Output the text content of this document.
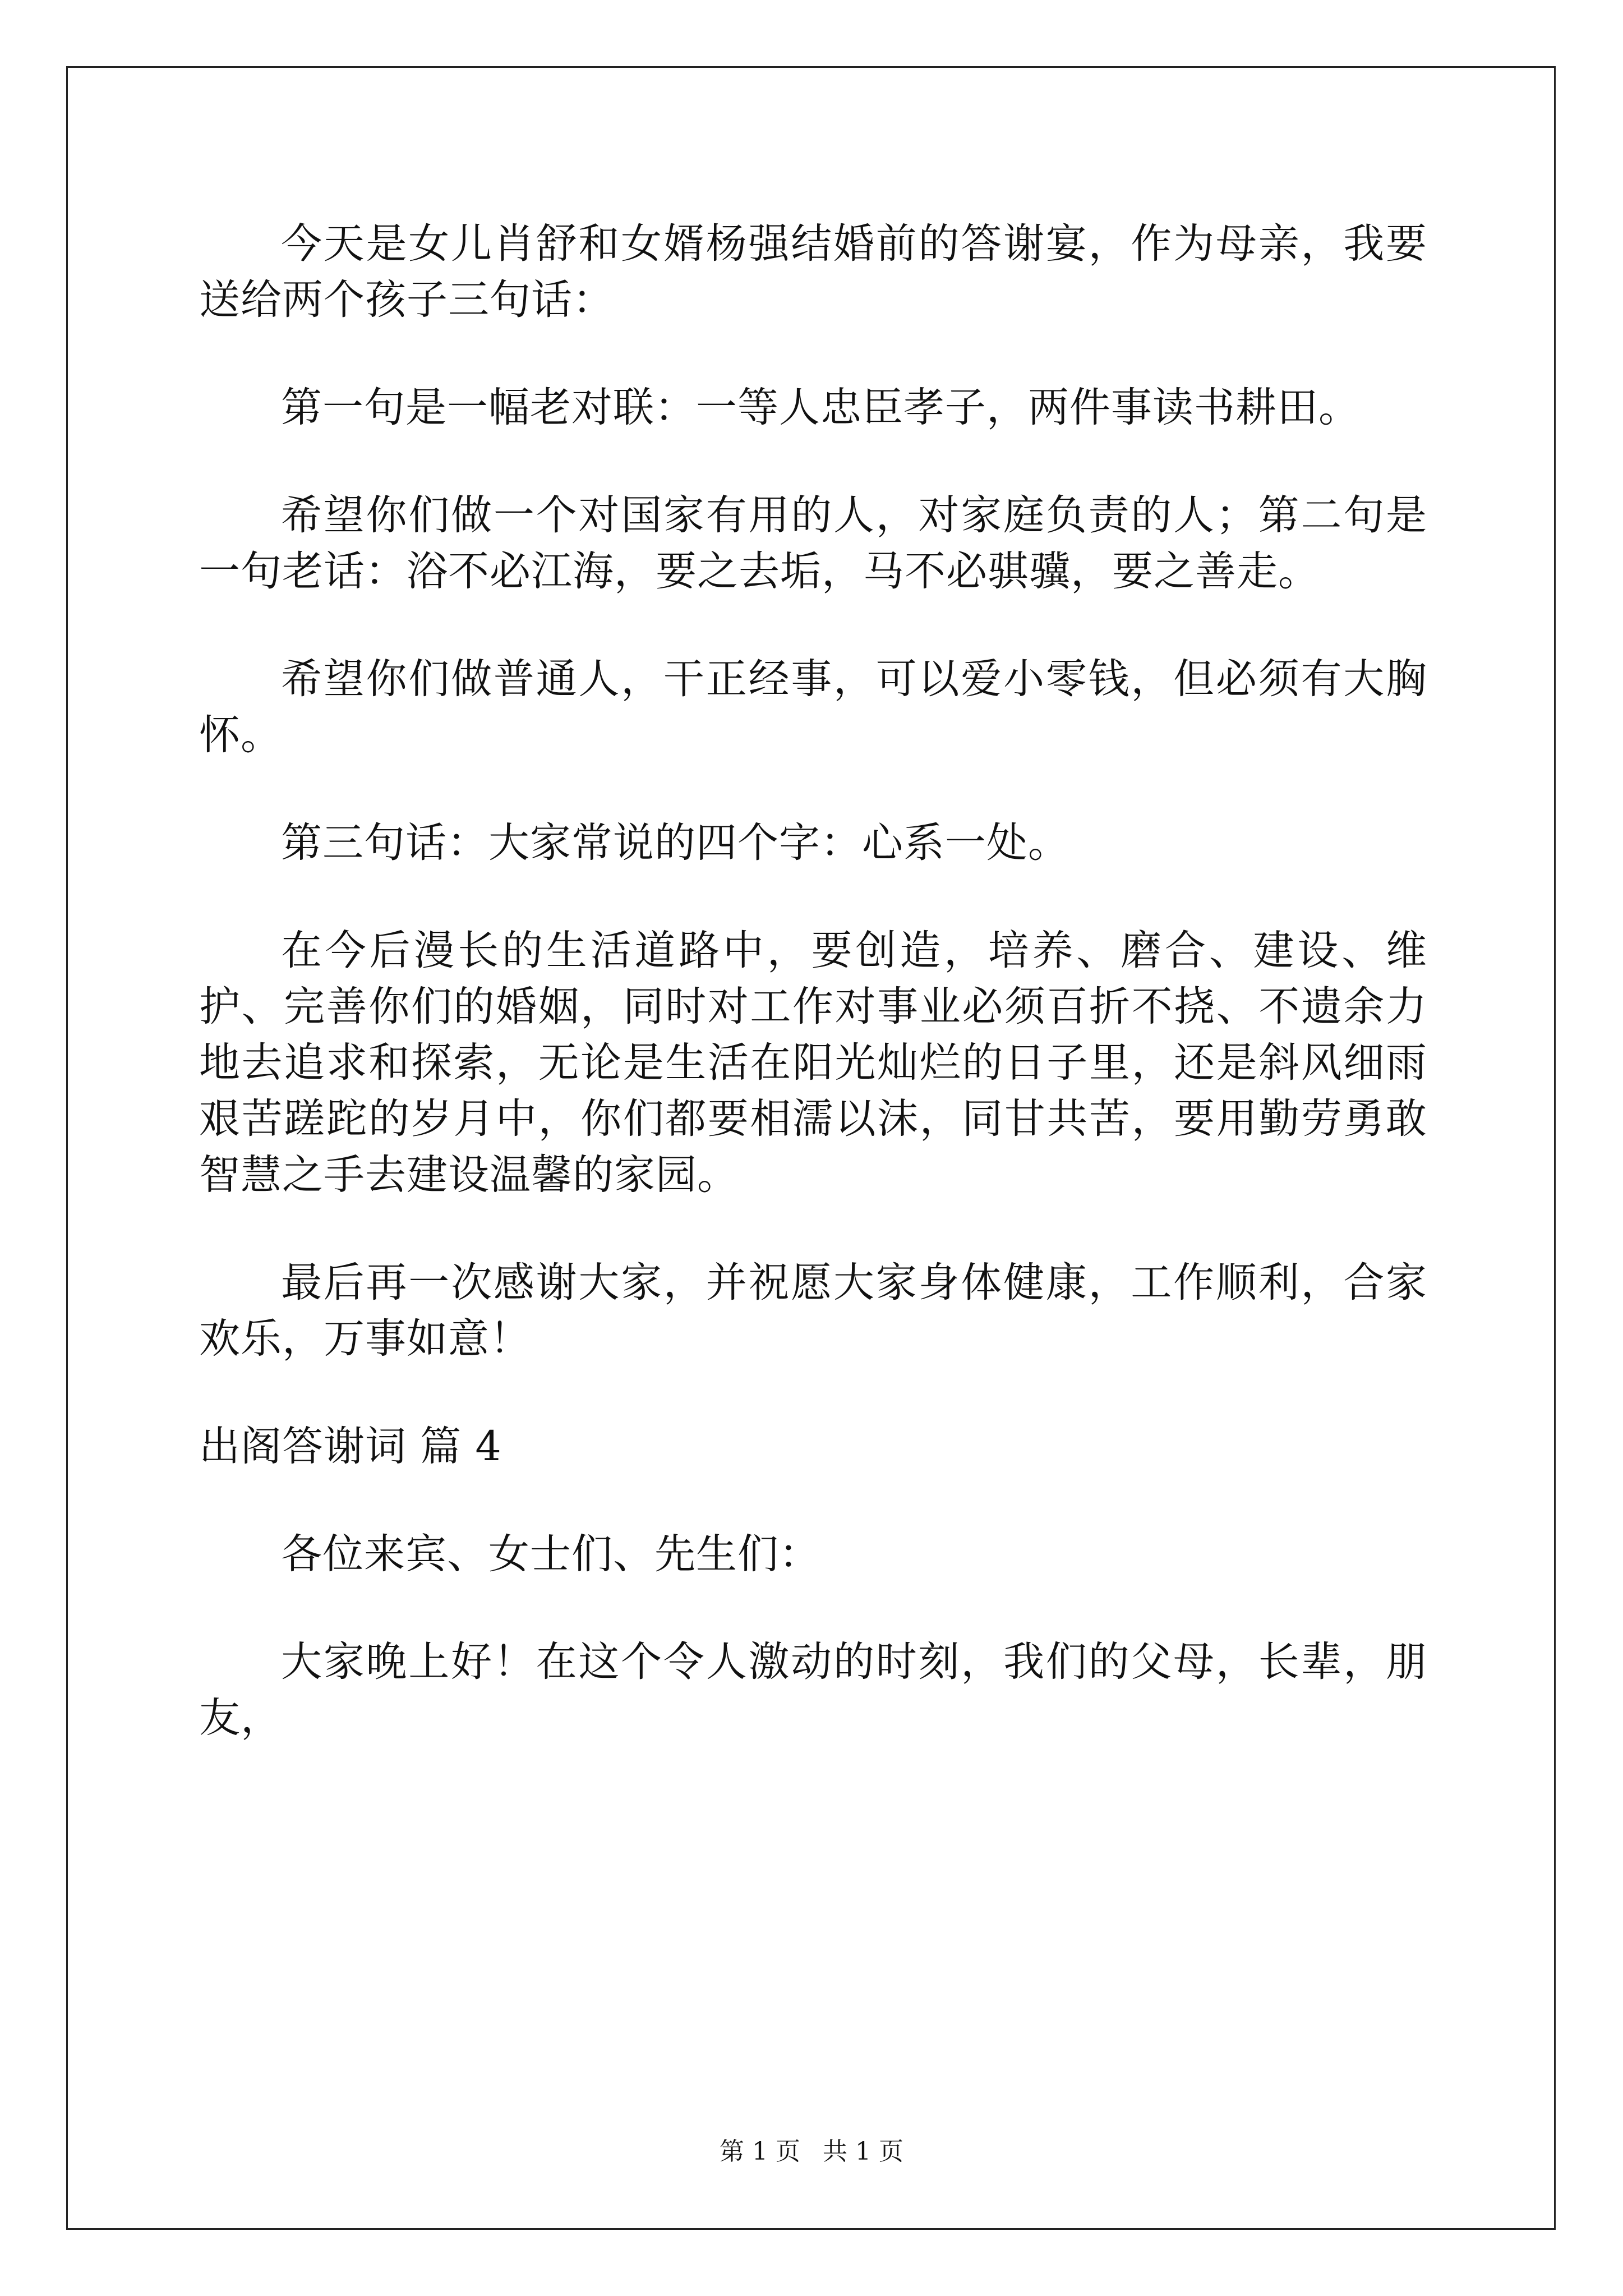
今天是女儿肖舒和女婿杨强结婚前的答谢宴，作为母亲，我要送给两个孩子三句话：

第一句是一幅老对联：一等人忠臣孝子，两件事读书耕田。

希望你们做一个对国家有用的人，对家庭负责的人；第二句是一句老话：浴不必江海，要之去垢，马不必骐骥，要之善走。

希望你们做普通人，干正经事，可以爱小零钱，但必须有大胸怀。

第三句话：大家常说的四个字：心系一处。

在今后漫长的生活道路中，要创造，培养、磨合、建设、维护、完善你们的婚姻，同时对工作对事业必须百折不挠、不遗余力地去追求和探索，无论是生活在阳光灿烂的日子里，还是斜风细雨艰苦蹉跎的岁月中，你们都要相濡以沫，同甘共苦，要用勤劳勇敢智慧之手去建设温馨的家园。

最后再一次感谢大家，并祝愿大家身体健康，工作顺利，合家欢乐，万事如意！

出阁答谢词 篇 4

各位来宾、女士们、先生们：

大家晚上好！在这个令人激动的时刻，我们的父母，长辈，朋友，

第 1 页 共 1 页
